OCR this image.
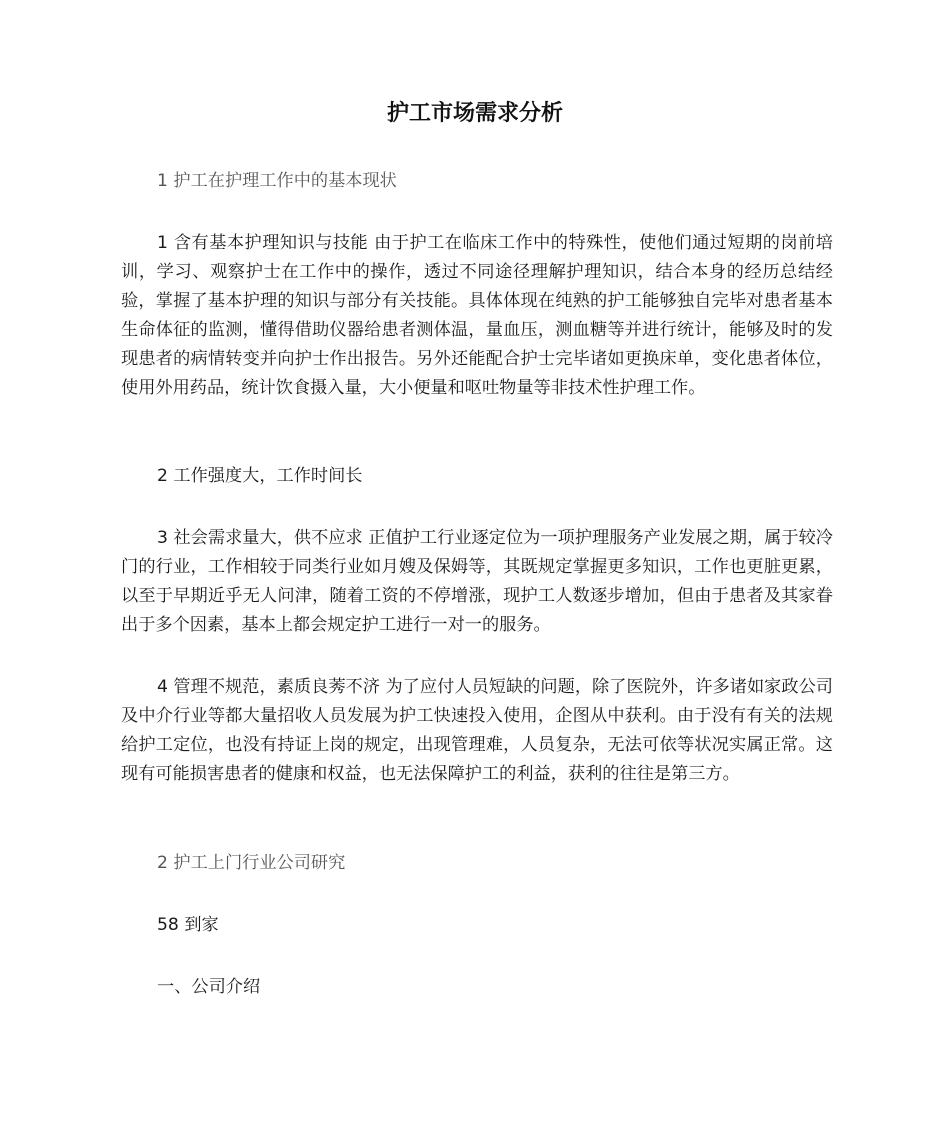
护工市场需求分析
1 护工在护理工作中的基本现状
1 含有基本护理知识与技能 由于护工在临床工作中的特殊性，使他们通过短期的岗前培训，学习、观察护士在工作中的操作，透过不同途径理解护理知识，结合本身的经历总结经验，掌握了基本护理的知识与部分有关技能。具体体现在纯熟的护工能够独自完毕对患者基本生命体征的监测，懂得借助仪器给患者测体温，量血压，测血糖等并进行统计，能够及时的发现患者的病情转变并向护士作出报告。另外还能配合护士完毕诸如更换床单，变化患者体位，使用外用药品，统计饮食摄入量，大小便量和呕吐物量等非技术性护理工作。
2 工作强度大，工作时间长
3 社会需求量大，供不应求 正值护工行业逐定位为一项护理服务产业发展之期，属于较冷门的行业，工作相较于同类行业如月嫂及保姆等，其既规定掌握更多知识，工作也更脏更累，以至于早期近乎无人问津，随着工资的不停增涨，现护工人数逐步增加，但由于患者及其家眷出于多个因素，基本上都会规定护工进行一对一的服务。
4 管理不规范，素质良莠不济 为了应付人员短缺的问题，除了医院外，许多诸如家政公司及中介行业等都大量招收人员发展为护工快速投入使用，企图从中获利。由于没有有关的法规给护工定位，也没有持证上岗的规定，出现管理难，人员复杂，无法可依等状况实属正常。这现有可能损害患者的健康和权益，也无法保障护工的利益，获利的往往是第三方。
2 护工上门行业公司研究
58 到家
一、公司介绍
